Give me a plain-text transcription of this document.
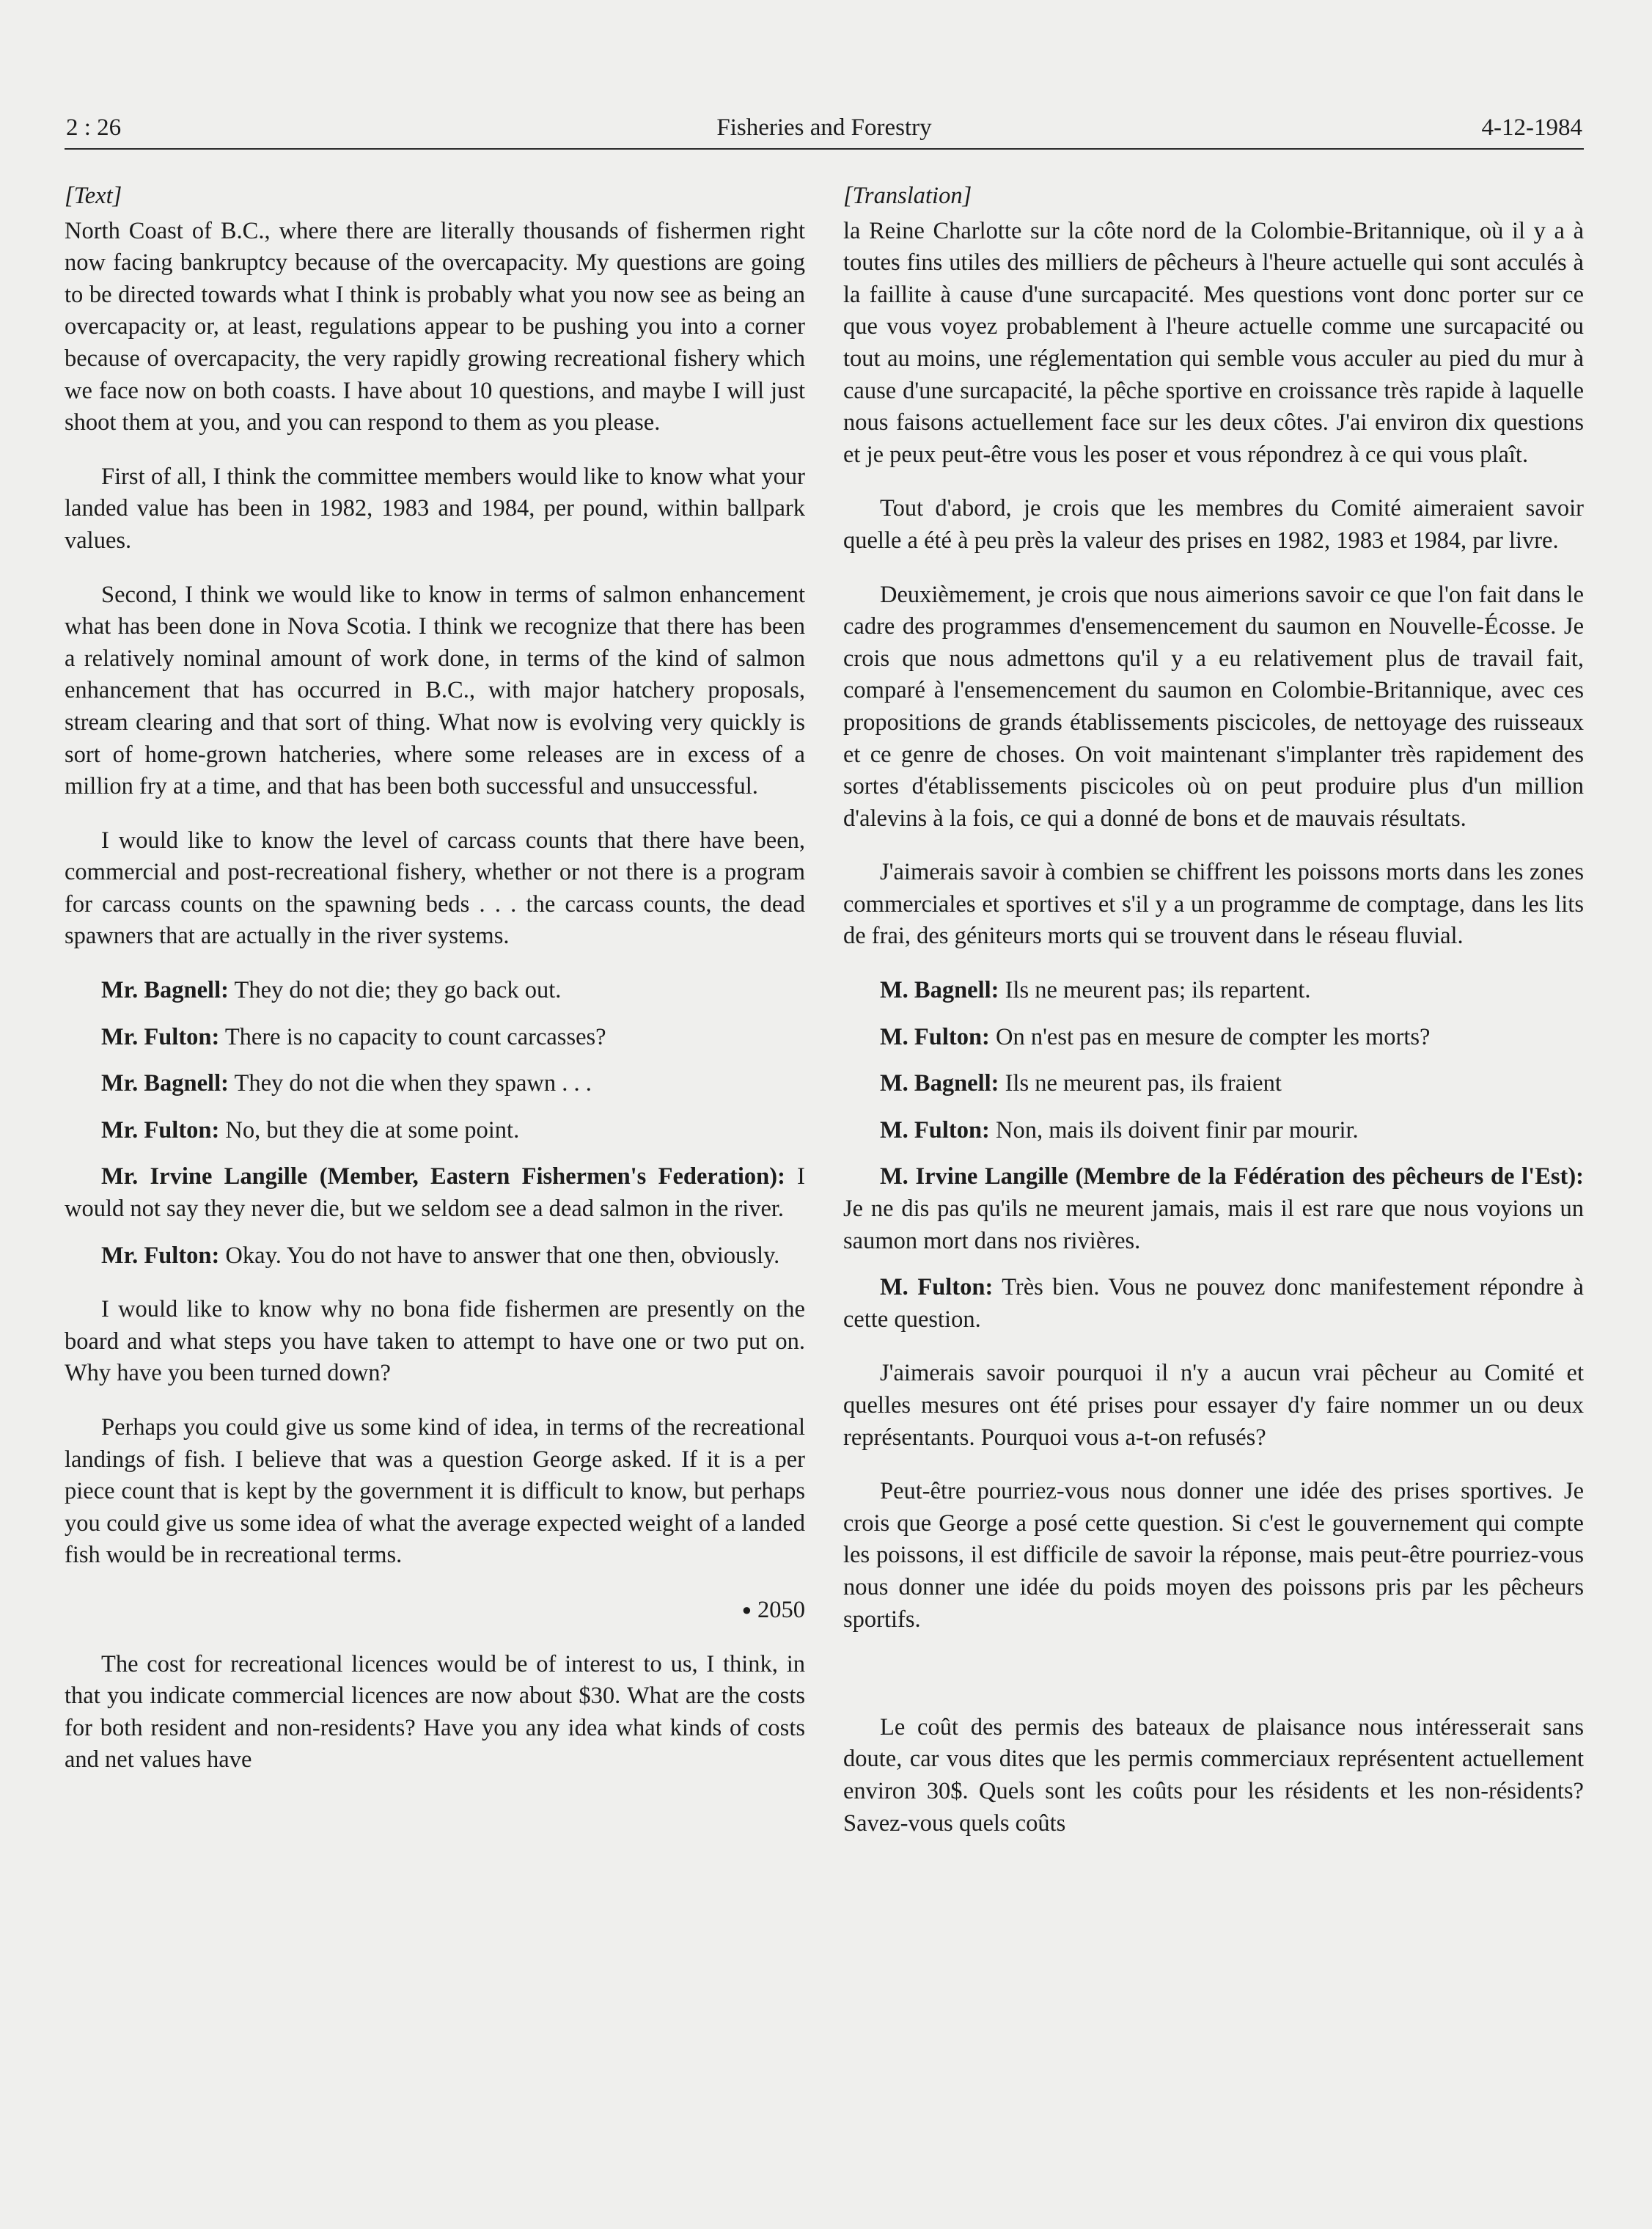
Fisheries and Forestry
2 : 26	4-12-1984

[Text]

North Coast of B.C., where there are literally thousands of fishermen right now facing bankruptcy because of the overcapacity. My questions are going to be directed towards what I think is probably what you now see as being an overcapacity or, at least, regulations appear to be pushing you into a corner because of overcapacity, the very rapidly growing recreational fishery which we face now on both coasts. I have about 10 questions, and maybe I will just shoot them at you, and you can respond to them as you please.

First of all, I think the committee members would like to know what your landed value has been in 1982, 1983 and 1984, per pound, within ballpark values.

Second, I think we would like to know in terms of salmon enhancement what has been done in Nova Scotia. I think we recognize that there has been a relatively nominal amount of work done, in terms of the kind of salmon enhancement that has occurred in B.C., with major hatchery proposals, stream clearing and that sort of thing. What now is evolving very quickly is sort of home-grown hatcheries, where some releases are in excess of a million fry at a time, and that has been both successful and unsuccessful.

I would like to know the level of carcass counts that there have been, commercial and post-recreational fishery, whether or not there is a program for carcass counts on the spawning beds . . . the carcass counts, the dead spawners that are actually in the river systems.

Mr. Bagnell: They do not die; they go back out.

Mr. Fulton: There is no capacity to count carcasses?

Mr. Bagnell: They do not die when they spawn . . .

Mr. Fulton: No, but they die at some point.

Mr. Irvine Langille (Member, Eastern Fishermen's Federation): I would not say they never die, but we seldom see a dead salmon in the river.

Mr. Fulton: Okay. You do not have to answer that one then, obviously.

I would like to know why no bona fide fishermen are presently on the board and what steps you have taken to attempt to have one or two put on. Why have you been turned down?

Perhaps you could give us some kind of idea, in terms of the recreational landings of fish. I believe that was a question George asked. If it is a per piece count that is kept by the government it is difficult to know, but perhaps you could give us some idea of what the average expected weight of a landed fish would be in recreational terms.

● 2050

The cost for recreational licences would be of interest to us, I think, in that you indicate commercial licences are now about $30. What are the costs for both resident and non-residents? Have you any idea what kinds of costs and net values have

[Translation]

la Reine Charlotte sur la côte nord de la Colombie-Britannique, où il y a à toutes fins utiles des milliers de pêcheurs à l'heure actuelle qui sont acculés à la faillite à cause d'une surcapacité. Mes questions vont donc porter sur ce que vous voyez probablement à l'heure actuelle comme une surcapacité ou tout au moins, une réglementation qui semble vous acculer au pied du mur à cause d'une surcapacité, la pêche sportive en croissance très rapide à laquelle nous faisons actuellement face sur les deux côtes. J'ai environ dix questions et je peux peut-être vous les poser et vous répondrez à ce qui vous plaît.

Tout d'abord, je crois que les membres du Comité aimeraient savoir quelle a été à peu près la valeur des prises en 1982, 1983 et 1984, par livre.

Deuxièmement, je crois que nous aimerions savoir ce que l'on fait dans le cadre des programmes d'ensemencement du saumon en Nouvelle-Écosse. Je crois que nous admettons qu'il y a eu relativement plus de travail fait, comparé à l'ensemencement du saumon en Colombie-Britannique, avec ces propositions de grands établissements piscicoles, de nettoyage des ruisseaux et ce genre de choses. On voit maintenant s'implanter très rapidement des sortes d'établissements piscicoles où on peut produire plus d'un million d'alevins à la fois, ce qui a donné de bons et de mauvais résultats.

J'aimerais savoir à combien se chiffrent les poissons morts dans les zones commerciales et sportives et s'il y a un programme de comptage, dans les lits de frai, des géniteurs morts qui se trouvent dans le réseau fluvial.

M. Bagnell: Ils ne meurent pas; ils repartent.

M. Fulton: On n'est pas en mesure de compter les morts?

M. Bagnell: Ils ne meurent pas, ils fraient

M. Fulton: Non, mais ils doivent finir par mourir.

M. Irvine Langille (Membre de la Fédération des pêcheurs de l'Est): Je ne dis pas qu'ils ne meurent jamais, mais il est rare que nous voyions un saumon mort dans nos rivières.

M. Fulton: Très bien. Vous ne pouvez donc manifestement répondre à cette question.

J'aimerais savoir pourquoi il n'y a aucun vrai pêcheur au Comité et quelles mesures ont été prises pour essayer d'y faire nommer un ou deux représentants. Pourquoi vous a-t-on refusés?

Peut-être pourriez-vous nous donner une idée des prises sportives. Je crois que George a posé cette question. Si c'est le gouvernement qui compte les poissons, il est difficile de savoir la réponse, mais peut-être pourriez-vous nous donner une idée du poids moyen des poissons pris par les pêcheurs sportifs.

Le coût des permis des bateaux de plaisance nous intéresserait sans doute, car vous dites que les permis commerciaux représentent actuellement environ 30$. Quels sont les coûts pour les résidents et les non-résidents? Savez-vous quels coûts
